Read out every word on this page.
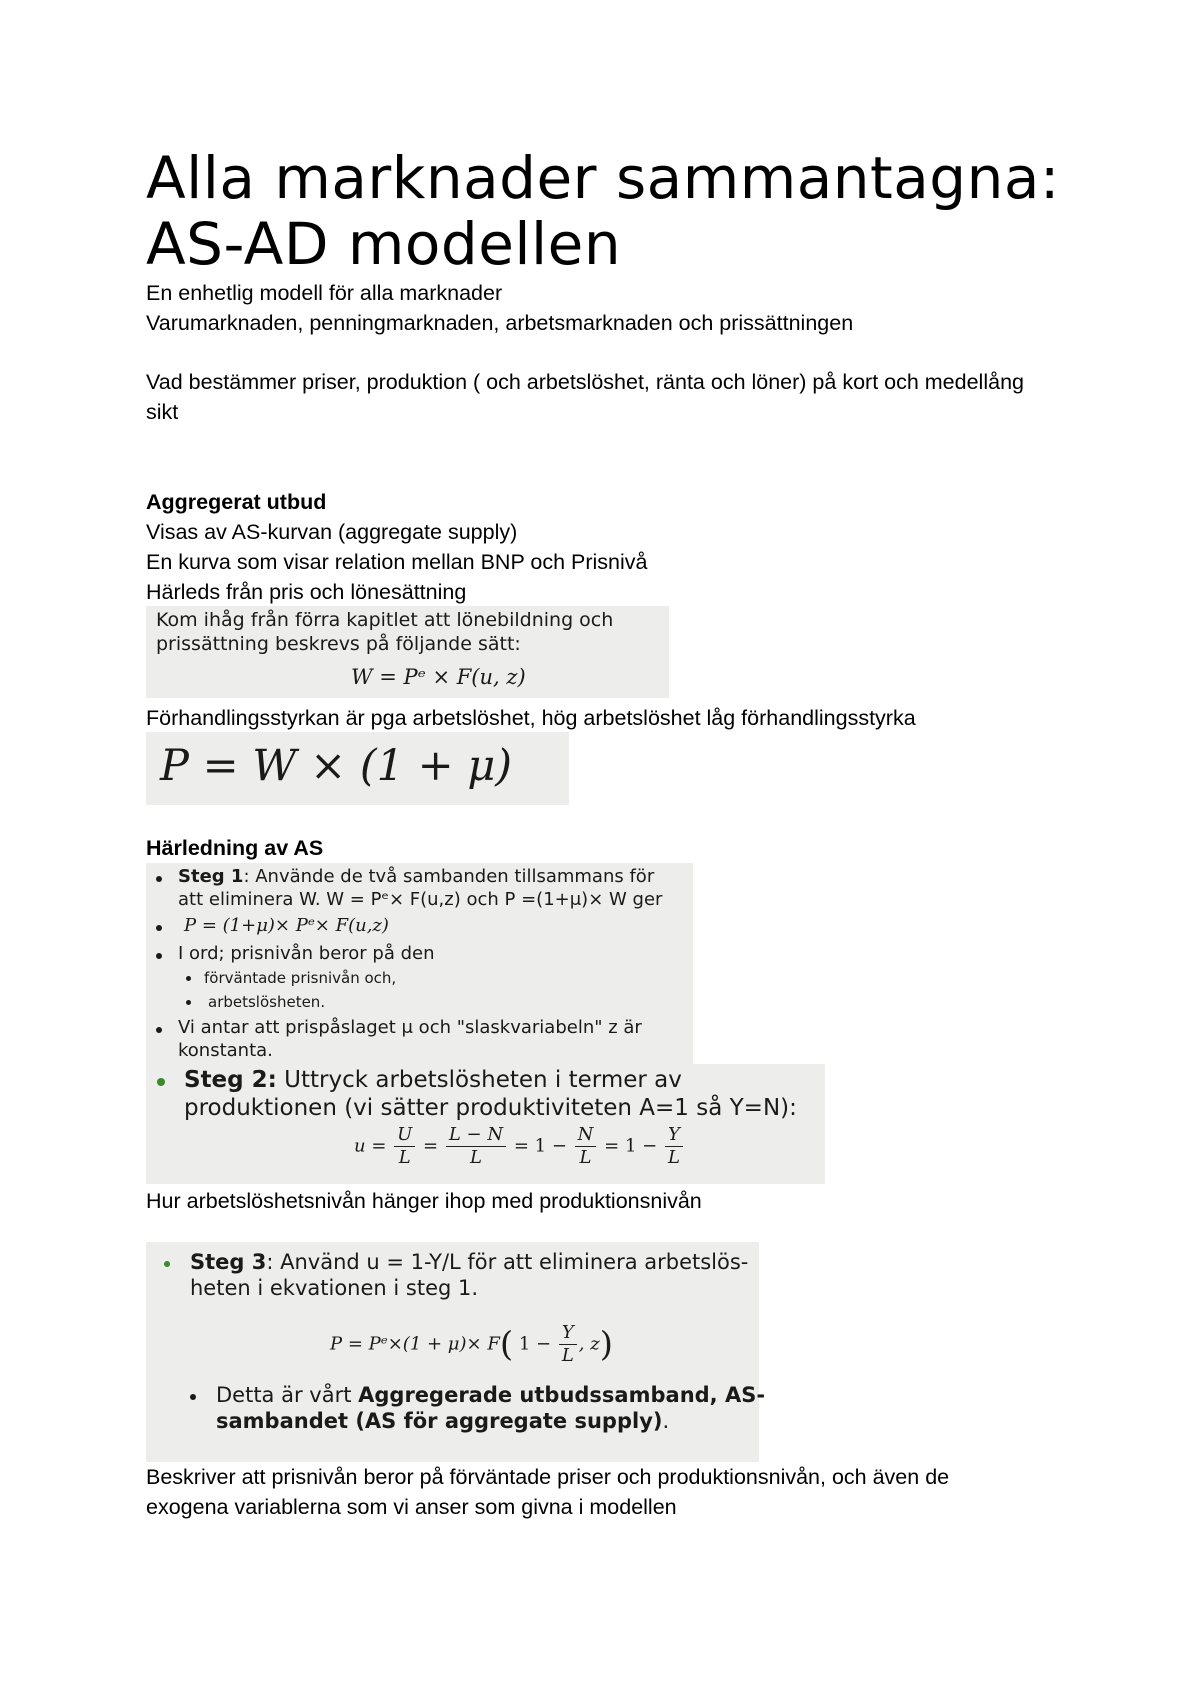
Alla marknader sammantagna:
AS-AD modellen

En enhetlig modell för alla marknader

Varumarknaden, penningmarknaden, arbetsmarknaden och prissättningen

Vad bestämmer priser, produktion ( och arbetslöshet, ränta och löner) på kort och medellång

sikt

Aggregerat utbud

Visas av AS-kurvan (aggregate supply)

En kurva som visar relation mellan BNP och Prisnivå

Härleds från pris och lönesättning

Kom ihåg från förra kapitlet att lönebildning och
prissättning beskrevs på följande sätt:
W = Pᵉ × F(u, z)

Förhandlingsstyrkan är pga arbetslöshet, hög arbetslöshet låg förhandlingsstyrka

P = W × (1 + μ)

Härledning av AS

Steg 1: Använde de två sambanden tillsammans för
att eliminera W. W = Pᵉ× F(u,z) och P =(1+μ)× W ger
P = (1+μ)× Pᵉ× F(u,z)
I ord; prisnivån beror på den
förväntade prisnivån och,
arbetslösheten.
Vi antar att prispåslaget μ och "slaskvariabeln" z är
konstanta.
Steg 2: Uttryck arbetslösheten i termer av
produktionen (vi sätter produktiviteten A=1 så Y=N):
$u = \frac{U}{L} = \frac{L - N}{L} = 1 - \frac{N}{L} = 1 - \frac{Y}{L}$

Hur arbetslöshetsnivån hänger ihop med produktionsnivån

Steg 3: Använd u = 1-Y/L för att eliminera arbetslös-
heten i ekvationen i steg 1.
P = Pᵉ×(1 + μ)× F( $1 - \frac{Y}{L}$ , z)
Detta är vårt Aggregerade utbudssamband, AS-
sambandet (AS för aggregate supply).

Beskriver att prisnivån beror på förväntade priser och produktionsnivån, och även de

exogena variablerna som vi anser som givna i modellen
